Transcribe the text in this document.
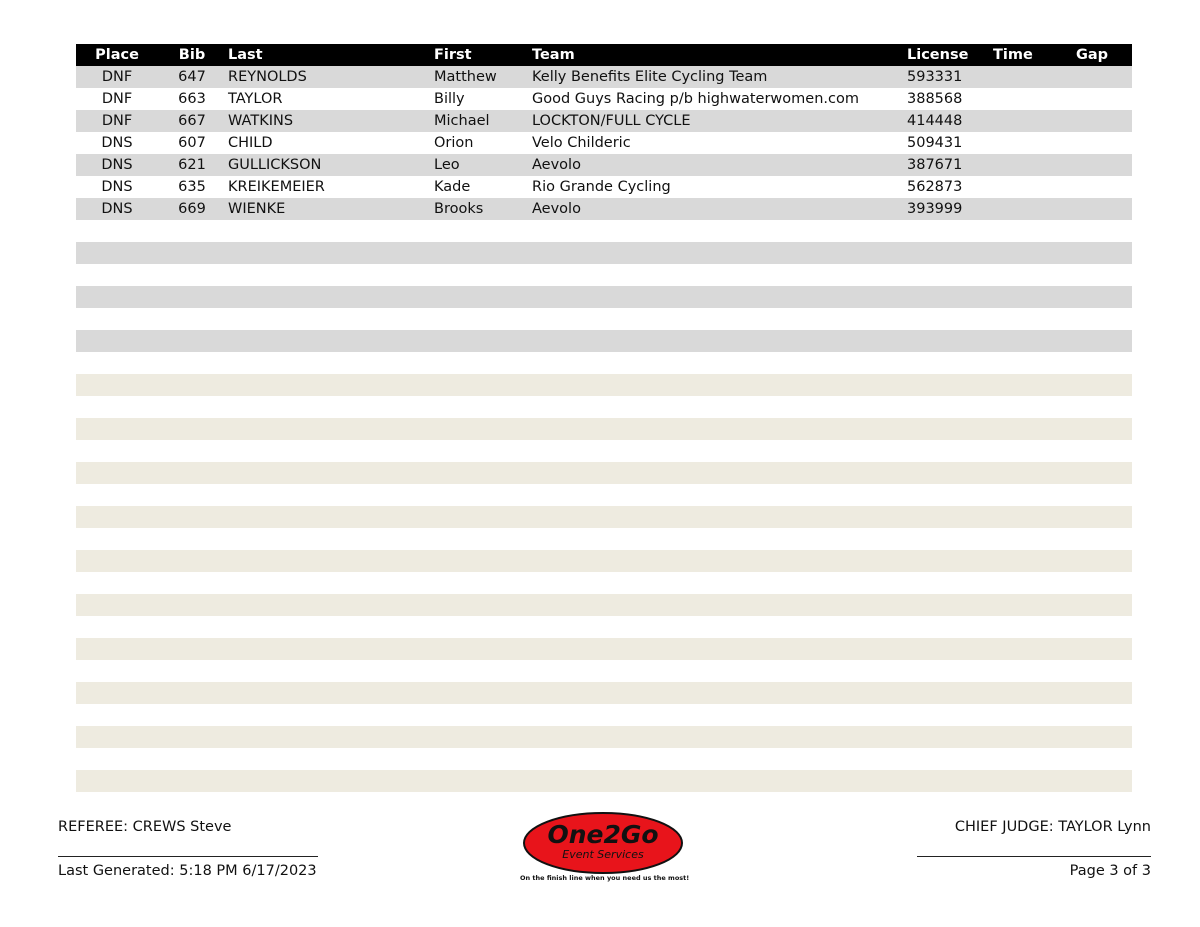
Place	Bib	Last	First	Team	License	Time	Gap
DNF	647	REYNOLDS	Matthew	Kelly Benefits Elite Cycling Team	593331
DNF	663	TAYLOR	Billy	Good Guys Racing p/b highwaterwomen.com	388568
DNF	667	WATKINS	Michael	LOCKTON/FULL CYCLE	414448
DNS	607	CHILD	Orion	Velo Childeric	509431
DNS	621	GULLICKSON	Leo	Aevolo	387671
DNS	635	KREIKEMEIER	Kade	Rio Grande Cycling	562873
DNS	669	WIENKE	Brooks	Aevolo	393999
REFEREE: CREWS Steve
Last Generated: 5:18 PM 6/17/2023
One2Go
Event Services
On the finish line when you need us the most!
CHIEF JUDGE: TAYLOR Lynn
Page 3 of 3
